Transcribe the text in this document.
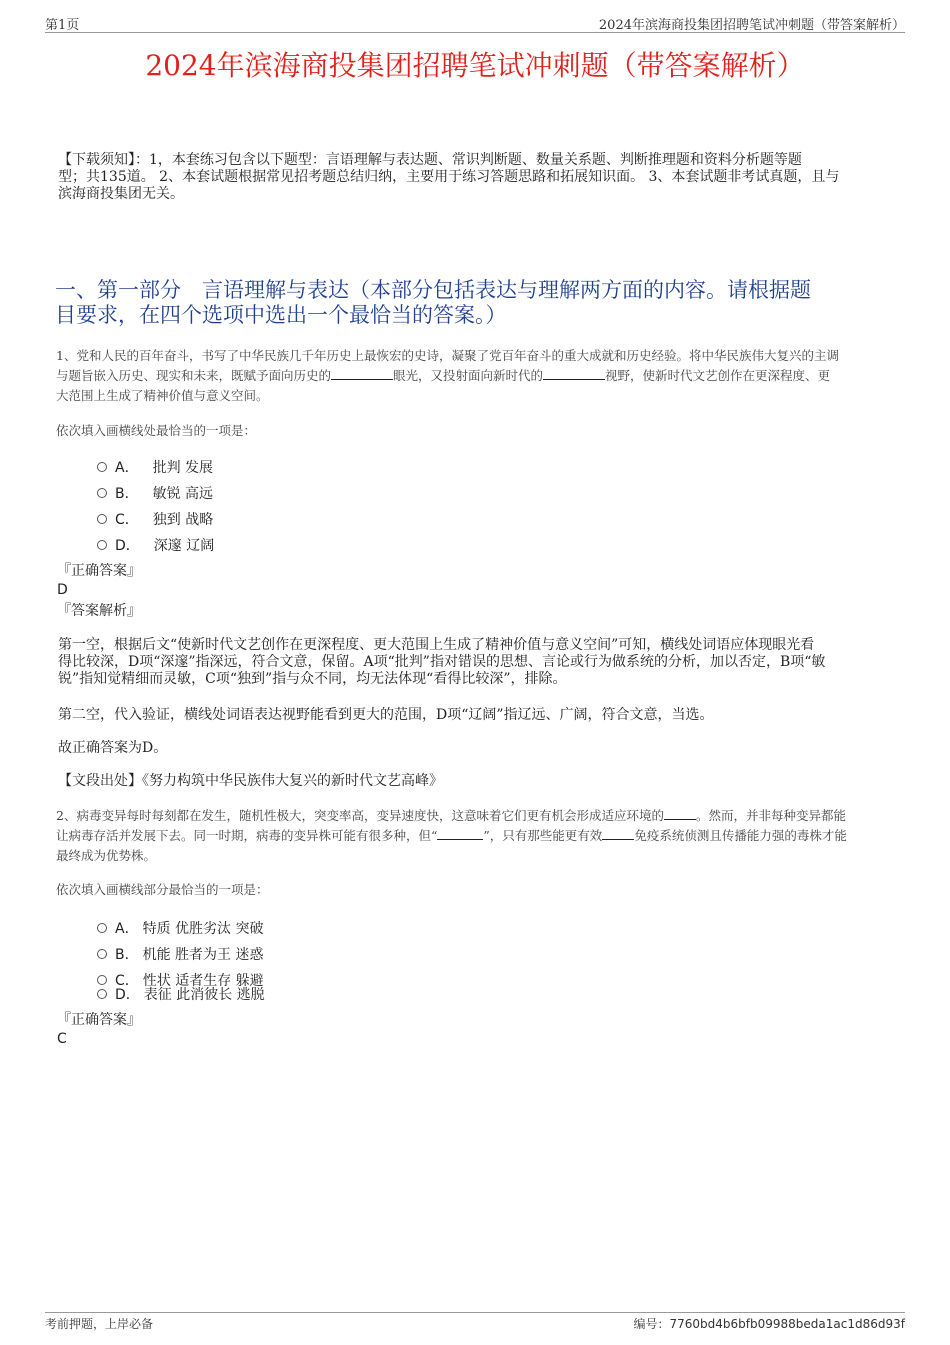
第1页	2024年滨海商投集团招聘笔试冲刺题（带答案解析）
2024年滨海商投集团招聘笔试冲刺题（带答案解析）
【下载须知】：1，本套练习包含以下题型：言语理解与表达题、常识判断题、数量关系题、判断推理题和资料分析题等题
型；共135道。 2、本套试题根据常见招考题总结归纳，主要用于练习答题思路和拓展知识面。 3、本套试题非考试真题，且与
滨海商投集团无关。
一、第一部分　言语理解与表达（本部分包括表达与理解两方面的内容。请根据题
目要求，在四个选项中选出一个最恰当的答案。）
1、党和人民的百年奋斗，书写了中华民族几千年历史上最恢宏的史诗，凝聚了党百年奋斗的重大成就和历史经验。将中华民族伟大复兴的主调
与题旨嵌入历史、现实和未来，既赋予面向历史的	眼光，又投射面向新时代的	视野，使新时代文艺创作在更深程度、更
大范围上生成了精神价值与意义空间。
依次填入画横线处最恰当的一项是：
A． 批判 发展
B． 敏锐 高远
C． 独到 战略
D． 深邃 辽阔
『正确答案』
D
『答案解析』
第一空，根据后文“使新时代文艺创作在更深程度、更大范围上生成了精神价值与意义空间”可知，横线处词语应体现眼光看
得比较深，D项“深邃”指深远，符合文意，保留。A项“批判”指对错误的思想、言论或行为做系统的分析，加以否定，B项“敏
锐”指知觉精细而灵敏，C项“独到”指与众不同，均无法体现“看得比较深”，排除。
第二空，代入验证，横线处词语表达视野能看到更大的范围，D项“辽阔”指辽远、广阔，符合文意，当选。
故正确答案为D。
【文段出处】《努力构筑中华民族伟大复兴的新时代文艺高峰》
2、病毒变异每时每刻都在发生，随机性极大，突变率高，变异速度快，这意味着它们更有机会形成适应环境的	。然而，并非每种变异都能
让病毒存活并发展下去。同一时期，病毒的变异株可能有很多种，但“	”，只有那些能更有效	免疫系统侦测且传播能力强的毒株才能
最终成为优势株。
依次填入画横线部分最恰当的一项是：
A． 特质 优胜劣汰 突破
B． 机能 胜者为王 迷惑
C． 性状 适者生存 躲避
D． 表征 此消彼长 逃脱
『正确答案』
C
考前押题，上岸必备	编号：7760bd4b6bfb09988beda1ac1d86d93f
